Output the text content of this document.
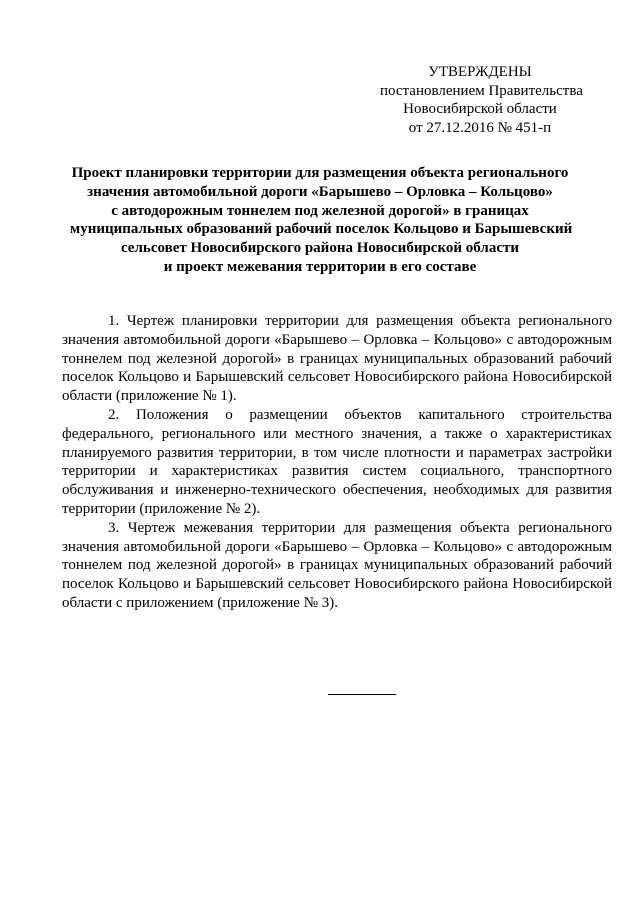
УТВЕРЖДЕНЫ
постановлением Правительства
Новосибирской области
от 27.12.2016 № 451-п
Проект планировки территории для размещения объекта регионального
значения автомобильной дороги «Барышево – Орловка – Кольцово»
с автодорожным тоннелем под железной дорогой» в границах
муниципальных образований рабочий поселок Кольцово и Барышевский
сельсовет Новосибирского района Новосибирской области
и проект межевания территории в его составе

1. Чертеж планировки территории для размещения объекта регионального значения автомобильной дороги «Барышево – Орловка – Кольцово» с автодорожным тоннелем под железной дорогой» в границах муниципальных образований рабочий поселок Кольцово и Барышевский сельсовет Новосибирского района Новосибирской области (приложение № 1).

2. Положения о размещении объектов капитального строительства федерального, регионального или местного значения, а также о характеристиках планируемого развития территории, в том числе плотности и параметрах застройки территории и характеристиках развития систем социального, транспортного обслуживания и инженерно-технического обеспечения, необходимых для развития территории (приложение № 2).

3. Чертеж межевания территории для размещения объекта регионального значения автомобильной дороги «Барышево – Орловка – Кольцово» с автодорожным тоннелем под железной дорогой» в границах муниципальных образований рабочий поселок Кольцово и Барышевский сельсовет Новосибирского района Новосибирской области с приложением (приложение № 3).
